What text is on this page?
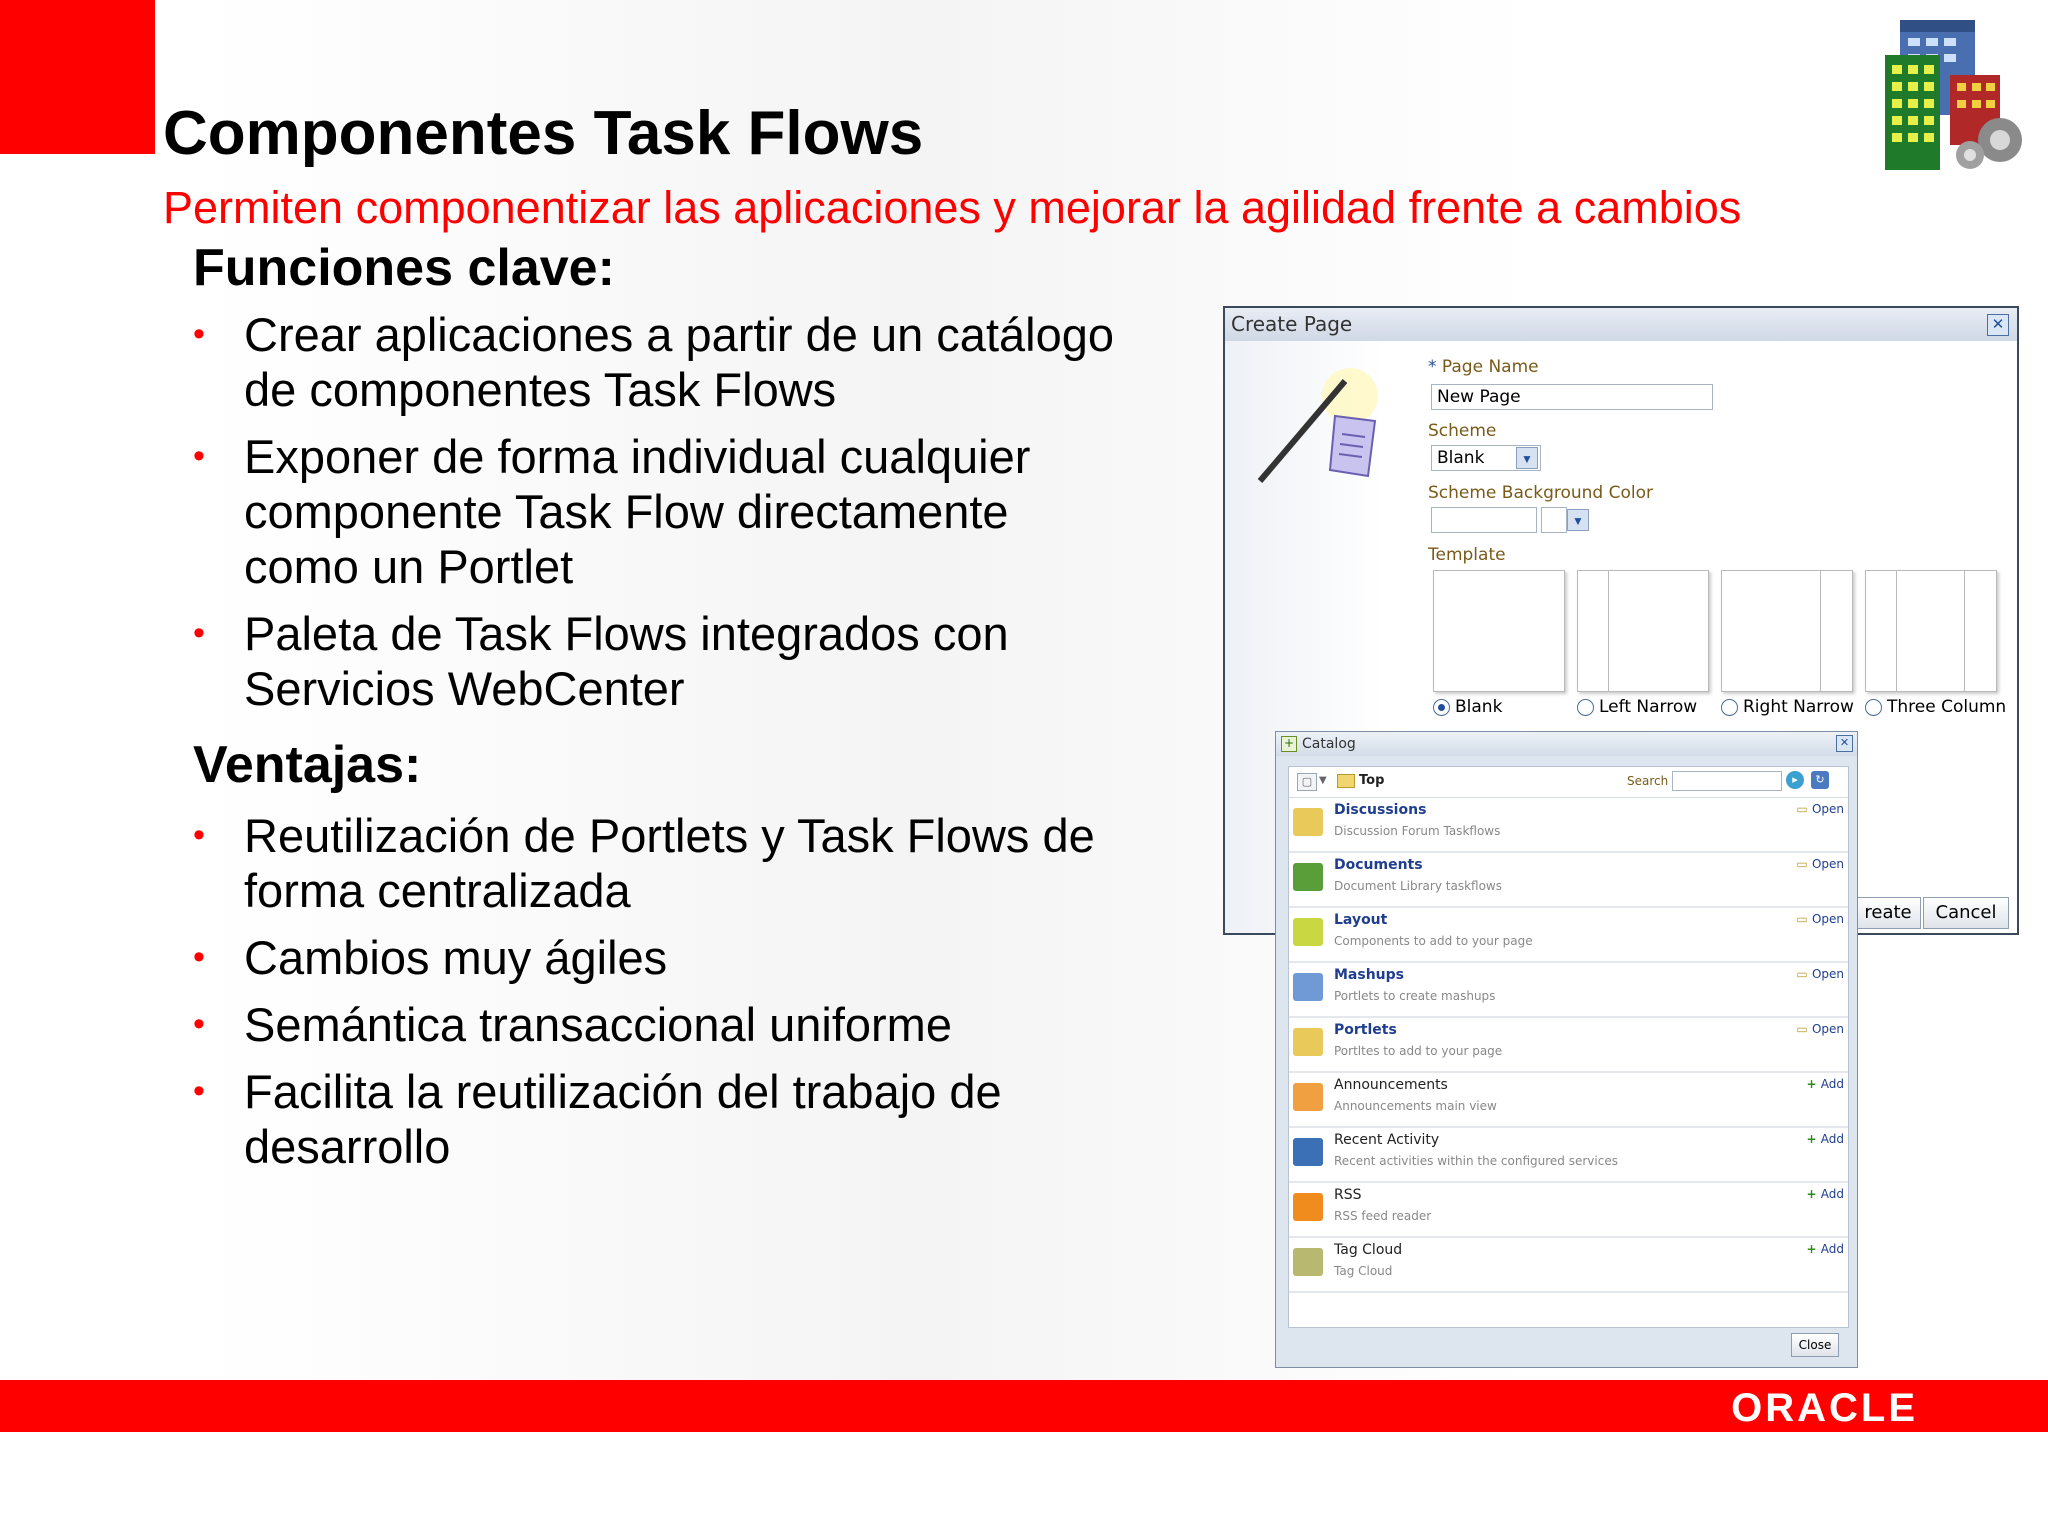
Componentes Task Flows
Permiten componentizar las aplicaciones y mejorar la agilidad frente a cambios
Funciones clave:
• Crear aplicaciones a partir de un catálogo de componentes Task Flows
• Exponer de forma individual cualquier componente Task Flow directamente como un Portlet
• Paleta de Task Flows integrados con Servicios WebCenter
Ventajas:
• Reutilización de Portlets y Task Flows de forma centralizada
• Cambios muy ágiles
• Semántica transaccional uniforme
• Facilita la reutilización del trabajo de desarrollo
Create Page	✕
* Page Name
New Page
Scheme
Blank	▼
Scheme Background Color
▼
Template
Blank	Left Narrow	Right Narrow Three Column
reate	Cancel
+ Catalog	✕
▢ ▼ Top	Search	▸	↻
Discussions
Discussion Forum Taskflows
▭ Open
Documents
Document Library taskflows
▭ Open
Layout
Components to add to your page
▭ Open
Mashups
Portlets to create mashups
▭ Open
Portlets
Portltes to add to your page
▭ Open
Announcements
Announcements main view
+ Add
Recent Activity
Recent activities within the configured services
+ Add
RSS
RSS feed reader
+ Add
Tag Cloud
Tag Cloud
+ Add
Close
ORACLE
